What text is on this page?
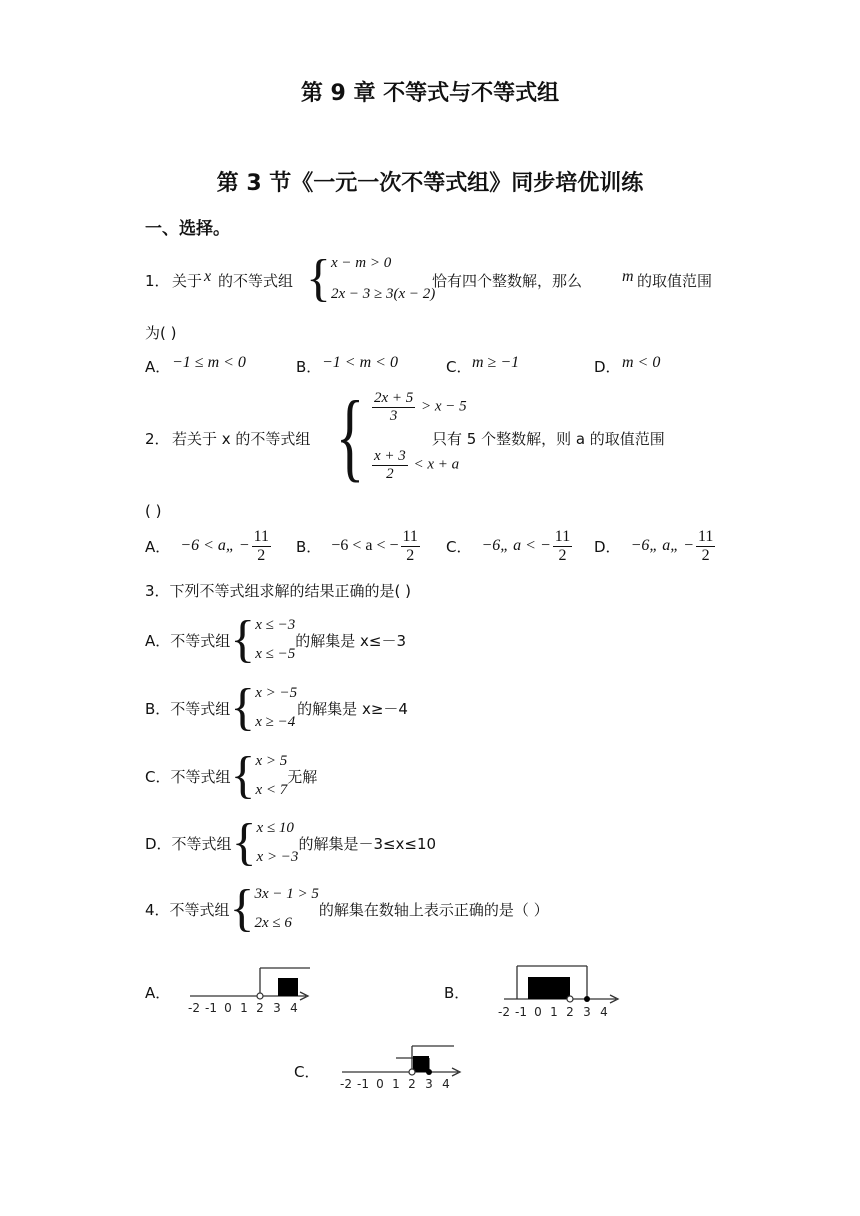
第 9 章 不等式与不等式组
第 3 节《一元一次不等式组》同步培优训练
一、选择。
1． 关于 x 的不等式组 { x − m > 0
2x − 3 ≥ 3(x − 2)
恰有四个整数解，那么 m 的取值范围
为( )
A． −1 ≤ m < 0	B． −1 < m < 0	C． m ≥ −1	D． m < 0
2． 若关于 x 的不等式组 { $\frac{2x + 5}{3} > x - 5$
$\frac{x + 3}{2} < x + a$
只有 5 个整数解，则 a 的取值范围
( )
A． −6 < a„ − $\frac{11}{2}$ B． −6 < a < − $\frac{11}{2}$ C． −6„ a < − $\frac{11}{2}$ D． −6„ a„ − $\frac{11}{2}$
3．下列不等式组求解的结果正确的是( )
A．不等式组 { x ≤ −3
x ≤ −5
的解集是 x≤－3
B．不等式组 { x > −5
x ≥ −4
的解集是 x≥－4
C．不等式组 { x > 5
x < 7
无解
D．不等式组 { x ≤ 10
x > −3
的解集是－3≤x≤10
4．不等式组 { 3x − 1 > 5
2x ≤ 6
的解集在数轴上表示正确的是（ ）
A．
-2 -1 0 1 2 3 4
B．
-2 -1 0 1 2 3 4
C．
-2 -1 0 1 2 3 4
